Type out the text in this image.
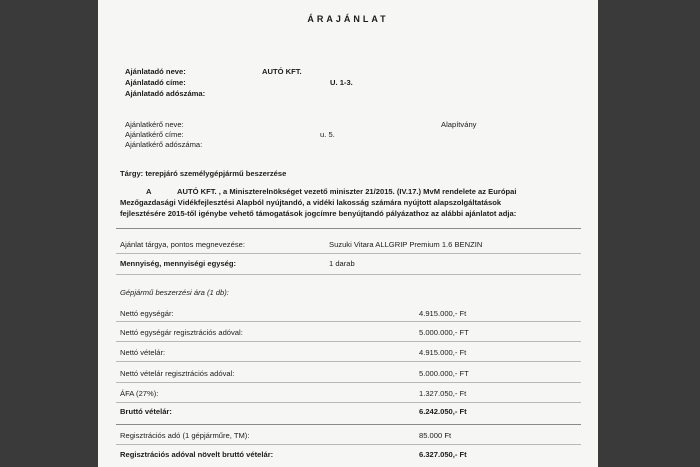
ÁRAJÁNLAT
Ajánlatadó neve:	AUTÓ KFT.
Ajánlatadó címe:	U. 1-3.
Ajánlatadó adószáma:
Ajánlatkérő neve:	Alapítvány
Ajánlatkérő címe:	u. 5.
Ajánlatkérő adószáma:
Tárgy: terepjáró személygépjármű beszerzése
A	AUTÓ KFT. , a Miniszterelnökséget vezető miniszter 21/2015. (IV.17.) MvM rendelete az Európai
Mezőgazdasági Vidékfejlesztési Alapból nyújtandó, a vidéki lakosság számára nyújtott alapszolgáltatások
fejlesztésére 2015-től igénybe vehető támogatások jogcímre benyújtandó pályázathoz az alábbi ajánlatot adja:
Ajánlat tárgya, pontos megnevezése:	Suzuki Vitara ALLGRIP Premium 1.6 BENZIN
Mennyiség, mennyiségi egység:	1 darab
Gépjármű beszerzési ára (1 db):
Nettó egységár:	4.915.000,- Ft
Nettó egységár regisztrációs adóval:	5.000.000,- FT
Nettó vételár:	4.915.000,- Ft
Nettó vételár regisztrációs adóval:	5.000.000,- FT
ÁFA (27%):	1.327.050,- Ft
Bruttó vételár:	6.242.050,- Ft
Regisztrációs adó (1 gépjárműre, TM):	85.000 Ft
Regisztrációs adóval növelt bruttó vételár:	6.327.050,- Ft
